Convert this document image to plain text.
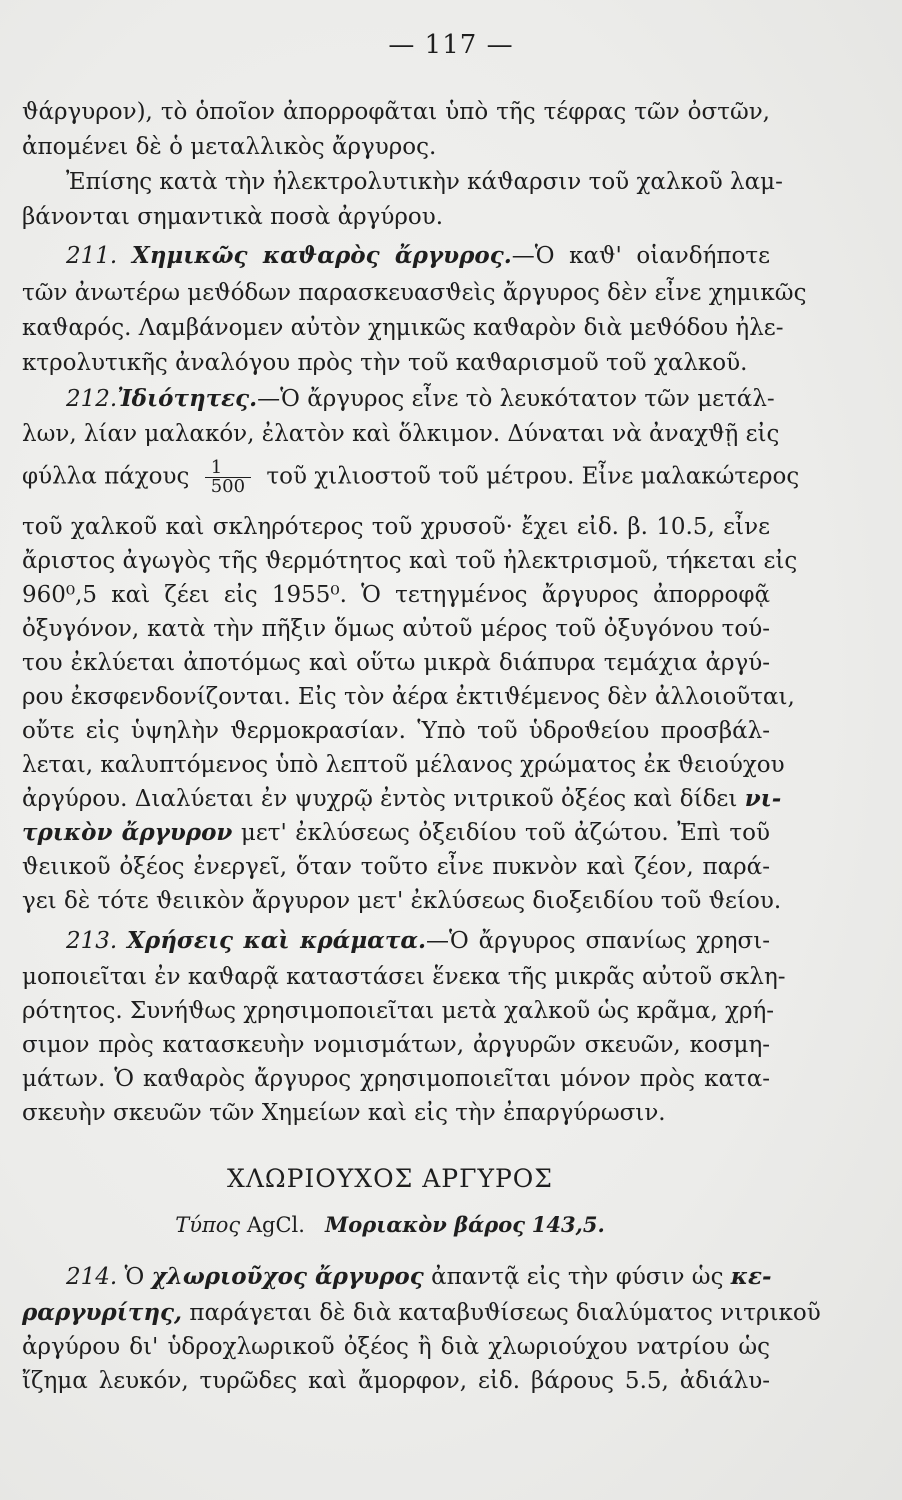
— 117 —
ϑάργυρον), τὸ ὁποῖον ἀπορροφᾶται ὑπὸ τῆς τέφρας τῶν ὀστῶν,
ἀπομένει δὲ ὁ μεταλλικὸς ἄργυρος.
Ἐπίσης κατὰ τὴν ἠλεκτρολυτικὴν κάϑαρσιν τοῦ χαλκοῦ λαμ-
βάνονται σημαντικὰ ποσὰ ἀργύρου.
211. Χημικῶς καϑαρὸς ἄργυρος.—Ὁ καϑ' οἱανδήποτε
τῶν ἀνωτέρω μεϑόδων παρασκευασϑεὶς ἄργυρος δὲν εἶνε χημικῶς
καϑαρός. Λαμβάνομεν αὐτὸν χημικῶς καϑαρὸν διὰ μεϑόδου ἠλε-
κτρολυτικῆς ἀναλόγου πρὸς τὴν τοῦ καϑαρισμοῦ τοῦ χαλκοῦ.
212.Ἰδιότητες.—Ὁ ἄργυρος εἶνε τὸ λευκότατον τῶν μετάλ-
λων, λίαν μαλακόν, ἐλατὸν καὶ ὅλκιμον. Δύναται νὰ ἀναχϑῇ εἰς
φύλλα πάχους $\frac{1}{500}$ τοῦ χιλιοστοῦ τοῦ μέτρου. Εἶνε μαλακώτερος
τοῦ χαλκοῦ καὶ σκληρότερος τοῦ χρυσοῦ· ἔχει εἰδ. β. 10.5, εἶνε
ἄριστος ἀγωγὸς τῆς ϑερμότητος καὶ τοῦ ἠλεκτρισμοῦ, τήκεται εἰς
960⁰,5 καὶ ζέει εἰς 1955⁰. Ὁ τετηγμένος ἄργυρος ἀπορροφᾷ
ὀξυγόνον, κατὰ τὴν πῆξιν ὅμως αὐτοῦ μέρος τοῦ ὀξυγόνου τού-
του ἐκλύεται ἀποτόμως καὶ οὕτω μικρὰ διάπυρα τεμάχια ἀργύ-
ρου ἐκσφενδονίζονται. Εἰς τὸν ἀέρα ἐκτιϑέμενος δὲν ἀλλοιοῦται,
οὔτε εἰς ὑψηλὴν ϑερμοκρασίαν. Ὑπὸ τοῦ ὑδροϑείου προσβάλ-
λεται, καλυπτόμενος ὑπὸ λεπτοῦ μέλανος χρώματος ἐκ ϑειούχου
ἀργύρου. Διαλύεται ἐν ψυχρῷ ἐντὸς νιτρικοῦ ὀξέος καὶ δίδει νι-
τρικὸν ἄργυρον μετ' ἐκλύσεως ὀξειδίου τοῦ ἀζώτου. Ἐπὶ τοῦ
ϑειικοῦ ὀξέος ἐνεργεῖ, ὅταν τοῦτο εἶνε πυκνὸν καὶ ζέον, παρά-
γει δὲ τότε ϑειικὸν ἄργυρον μετ' ἐκλύσεως διοξειδίου τοῦ ϑείου.
213. Χρήσεις καὶ κράματα.—Ὁ ἄργυρος σπανίως χρησι-
μοποιεῖται ἐν καϑαρᾷ καταστάσει ἕνεκα τῆς μικρᾶς αὐτοῦ σκλη-
ρότητος. Συνήϑως χρησιμοποιεῖται μετὰ χαλκοῦ ὡς κρᾶμα, χρή-
σιμον πρὸς κατασκευὴν νομισμάτων, ἀργυρῶν σκευῶν, κοσμη-
μάτων. Ὁ καϑαρὸς ἄργυρος χρησιμοποιεῖται μόνον πρὸς κατα-
σκευὴν σκευῶν τῶν Χημείων καὶ εἰς τὴν ἐπαργύρωσιν.
ΧΛΩΡΙΟΥΧΟΣ ΑΡΓΥΡΟΣ
Τύπος AgCl. Μοριακὸν βάρος 143,5.
214. Ὁ χλωριοῦχος ἄργυρος ἀπαντᾷ εἰς τὴν φύσιν ὡς κε-
ραργυρίτης, παράγεται δὲ διὰ καταβυϑίσεως διαλύματος νιτρικοῦ
ἀργύρου δι' ὑδροχλωρικοῦ ὀξέος ἢ διὰ χλωριούχου νατρίου ὡς
ἴζημα λευκόν, τυρῶδες καὶ ἄμορφον, εἰδ. βάρους 5.5, ἀδιάλυ-
